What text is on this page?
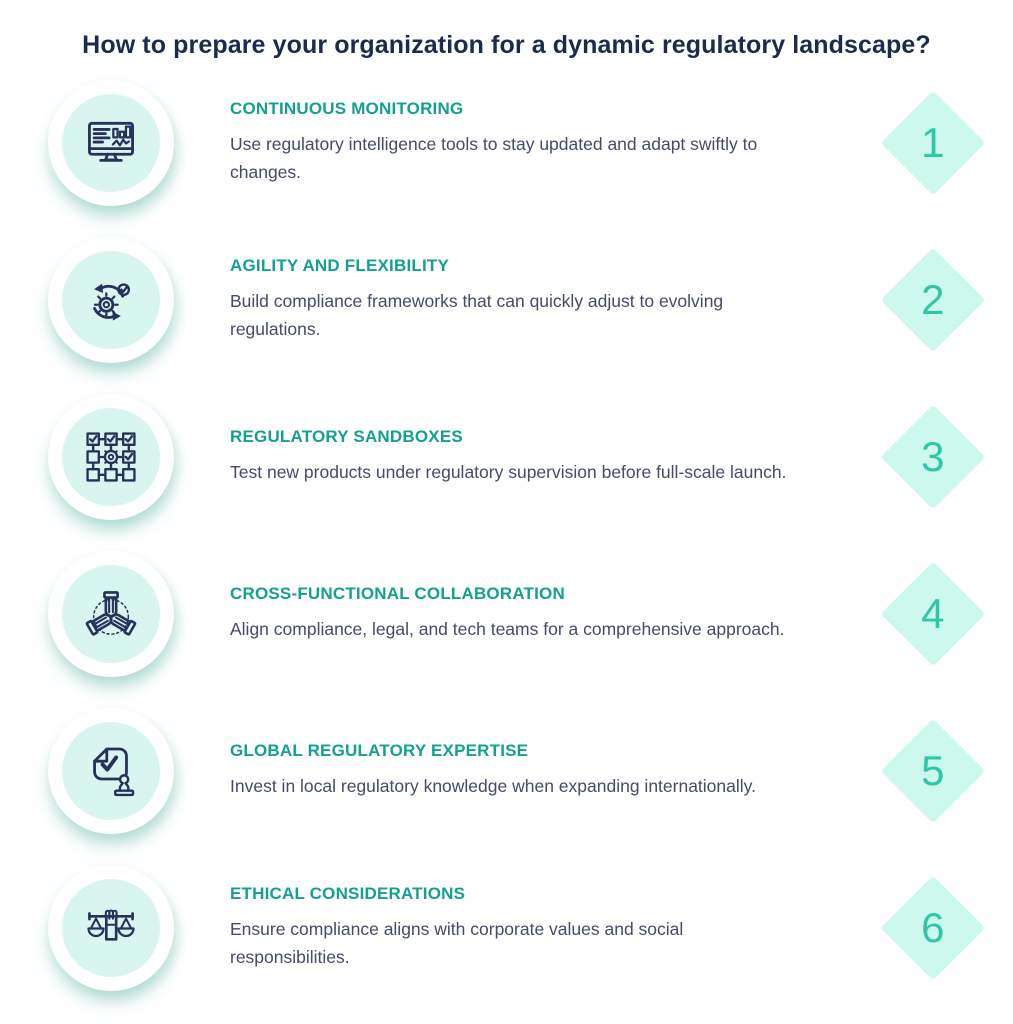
How to prepare your organization for a dynamic regulatory landscape?
CONTINUOUS MONITORING

Use regulatory intelligence tools to stay updated and adapt swiftly to changes.

1
AGILITY AND FLEXIBILITY

Build compliance frameworks that can quickly adjust to evolving regulations.

2
REGULATORY SANDBOXES

Test new products under regulatory supervision before full-scale launch.	3
CROSS-FUNCTIONAL COLLABORATION

Align compliance, legal, and tech teams for a comprehensive approach.	4
GLOBAL REGULATORY EXPERTISE

Invest in local regulatory knowledge when expanding internationally.	5
ETHICAL CONSIDERATIONS

Ensure compliance aligns with corporate values and social responsibilities.

6
